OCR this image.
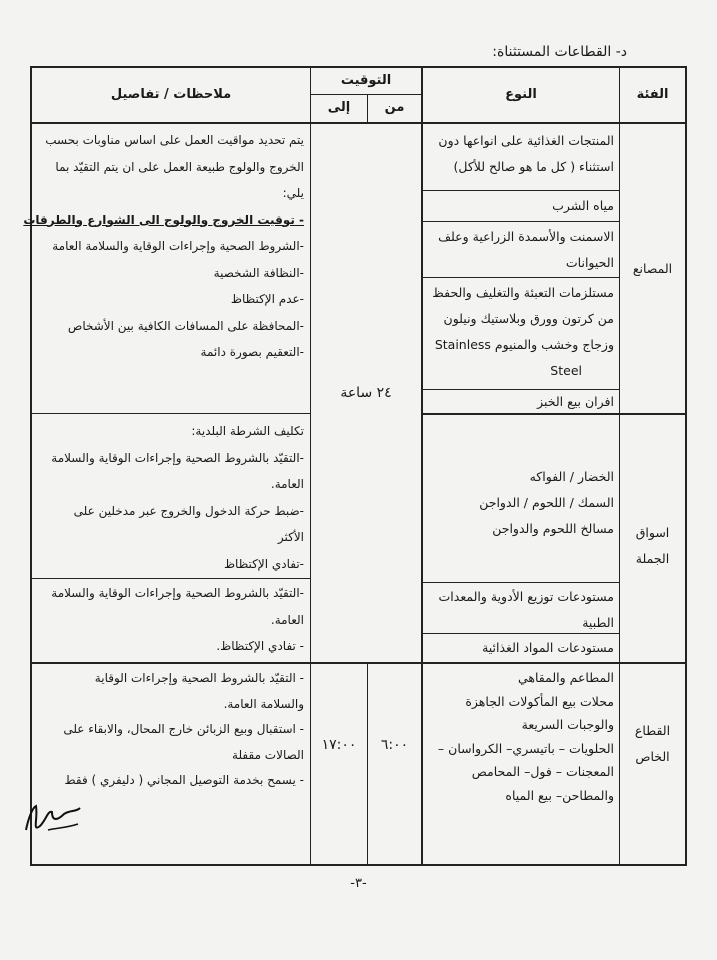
د- القطاعات المستثناة:
الفئة
النوع
التوقيت
من
إلى
ملاحظات / تفاصيل
المصانع
اسواق
الجملة
القطاع
الخاص
المنتجات الغذائية على انواعها دون
استثناء ( كل ما هو صالح للأكل)
مياه الشرب
الاسمنت والأسمدة الزراعية وعلف
الحيوانات
مستلزمات التعبئة والتغليف والحفظ
من كرتون وورق وبلاستيك ونيلون
وزجاج وخشب والمنيوم Stainless
Steel
افران بيع الخبز
الخضار / الفواكه
السمك / اللحوم / الدواجن
مسالخ اللحوم والدواجن
مستودعات توزيع الأدوية والمعدات
الطبية
مستودعات المواد الغذائية
المطاعم والمقاهي
محلات بيع المأكولات الجاهزة
والوجبات السريعة
الحلويات – باتيسري– الكرواسان –
المعجنات – فول– المحامص
والمطاحن– بيع المياه
٢٤ ساعة
٦:٠٠
١٧:٠٠
يتم تحديد مواقيت العمل على اساس مناوبات بحسب
الخروج والولوج طبيعة العمل على ان يتم التقيّد بما
يلي:
- توقيت الخروج والولوج الى الشوارع والطرقات
-الشروط الصحية وإجراءات الوقاية والسلامة العامة
-النظافة الشخصية
-عدم الإكتظاظ
-المحافظة على المسافات الكافية بين الأشخاص
-التعقيم بصورة دائمة
تكليف الشرطة البلدية:
-التقيّد بالشروط الصحية وإجراءات الوقاية والسلامة
العامة.
-ضبط حركة الدخول والخروج عبر مدخلين على
الأكثر
-تفادي الإكتظاظ
-التقيّد بالشروط الصحية وإجراءات الوقاية والسلامة
العامة.
- تفادي الإكتظاظ.
- التقيّد بالشروط الصحية وإجراءات الوقاية
والسلامة العامة.
- استقبال وبيع الزبائن خارج المحال، والابقاء على
الصالات مقفلة
- يسمح بخدمة التوصيل المجاني ( دليفري ) فقط
-٣-
